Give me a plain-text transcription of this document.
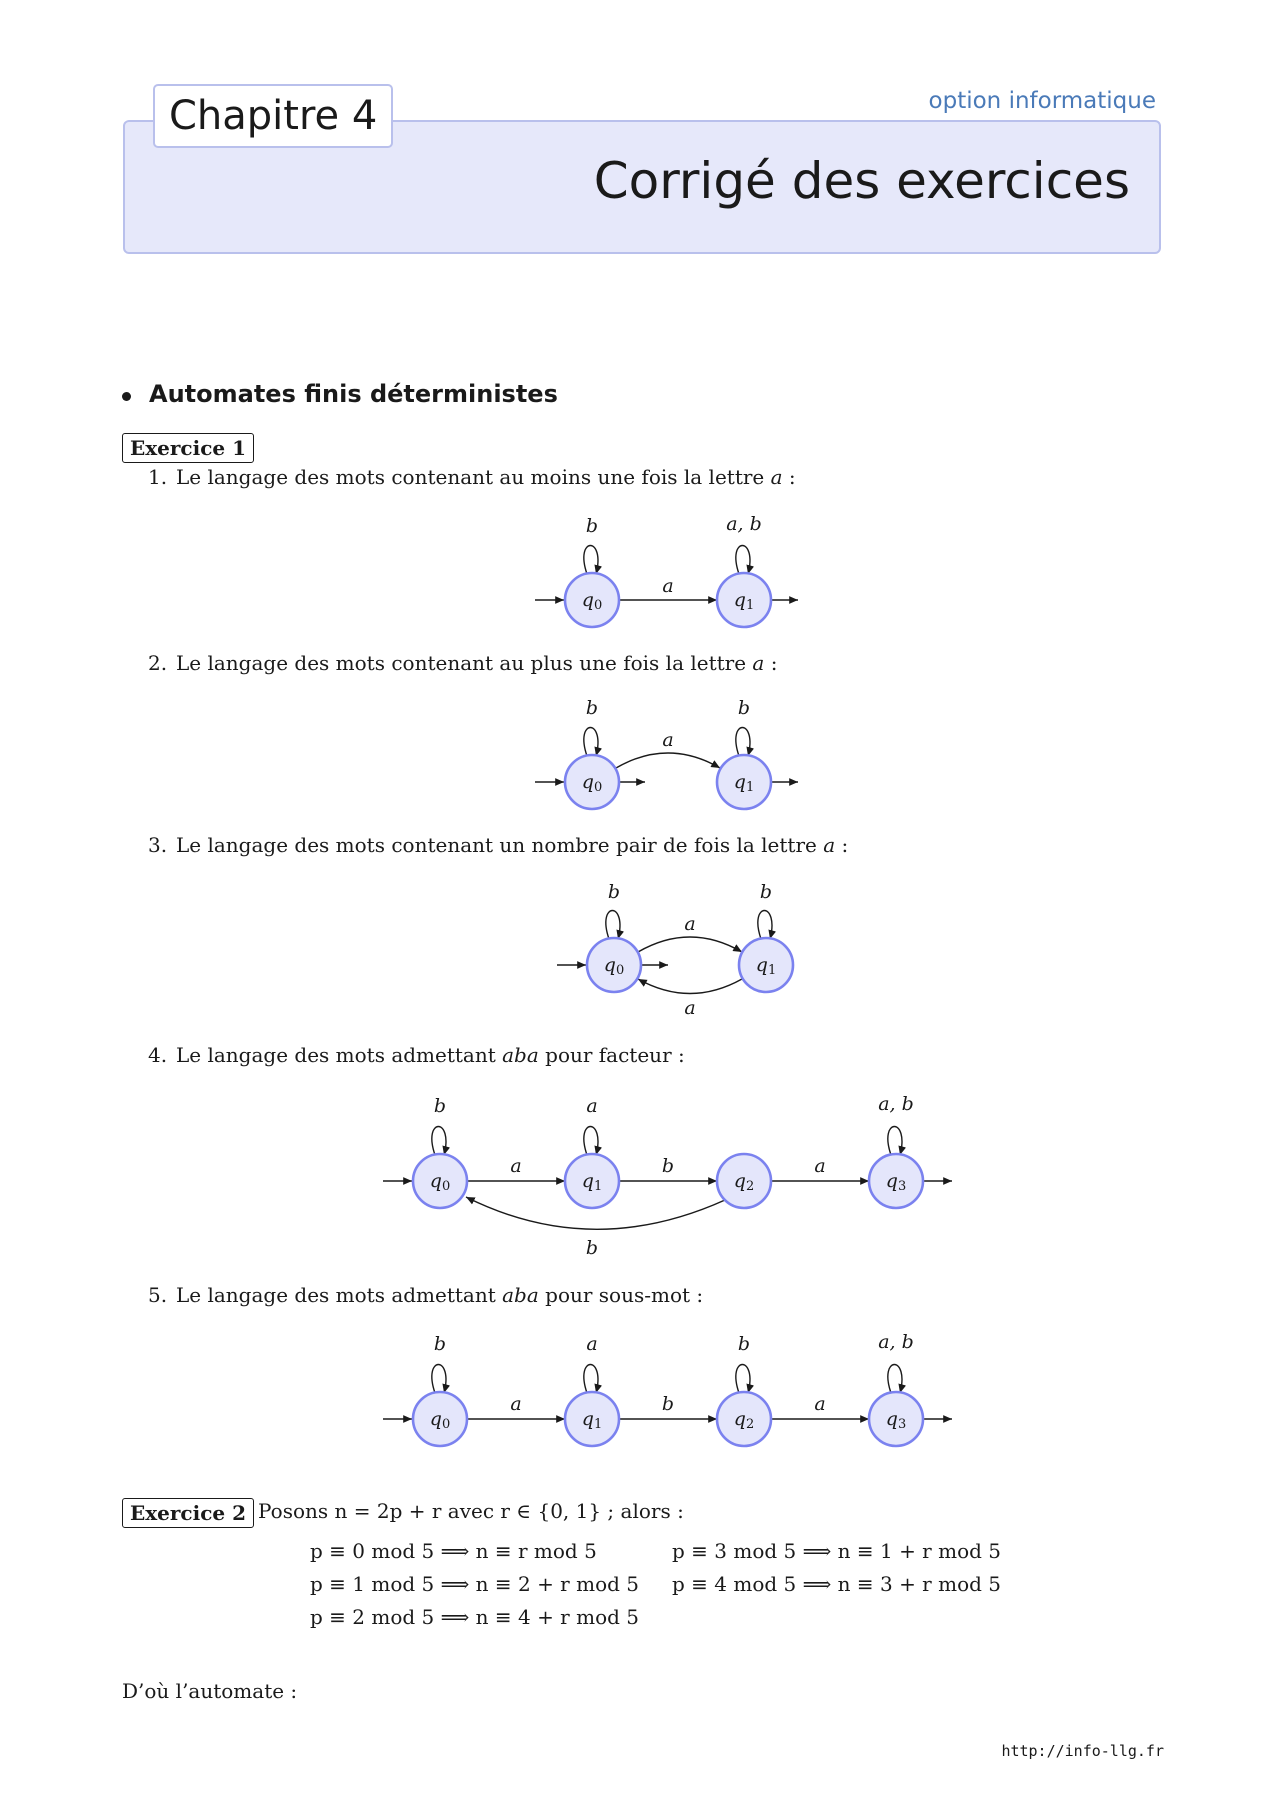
Chapitre 4	option informatique
Corrigé des exercices
Automates finis déterministes
Exercice 1
1. Le langage des mots contenant au moins une fois la lettre a :
2. Le langage des mots contenant au plus une fois la lettre a :
3. Le langage des mots contenant un nombre pair de fois la lettre a :
4. Le langage des mots admettant aba pour facteur :
5. Le langage des mots admettant aba pour sous-mot :
q0	q1
a
b	a, b
q0	q1
a
b	b
q0	q1
a
a
b	b
q0	q1	q2	q3
a	b	a
b
b	a	a, b
q0	q1	q2	q3
a	b	a
b	a	b	a, b
Exercice 2 Posons n = 2p + r avec r ∈ {0, 1} ; alors :
p ≡ 0 mod 5 ⟹ n ≡ r mod 5
p ≡ 1 mod 5 ⟹ n ≡ 2 + r mod 5
p ≡ 2 mod 5 ⟹ n ≡ 4 + r mod 5
p ≡ 3 mod 5 ⟹ n ≡ 1 + r mod 5
p ≡ 4 mod 5 ⟹ n ≡ 3 + r mod 5
D’où l’automate :
http://info-llg.fr
